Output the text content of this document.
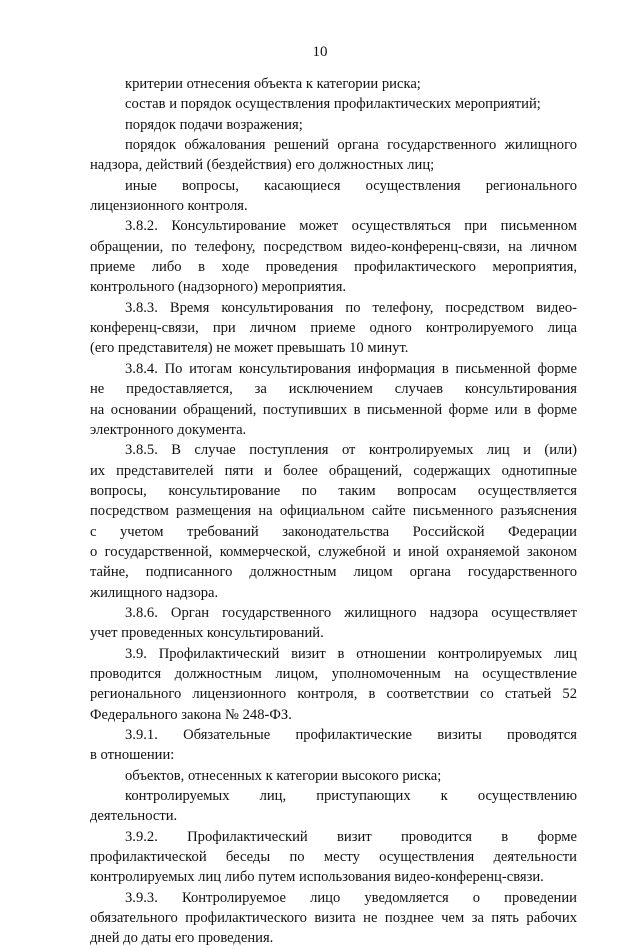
10
критерии отнесения объекта к категории риска;
состав и порядок осуществления профилактических мероприятий;
порядок подачи возражения;
порядок обжалования решений органа государственного жилищного
надзора, действий (бездействия) его должностных лиц;
иные вопросы, касающиеся осуществления регионального
лицензионного контроля.
3.8.2. Консультирование может осуществляться при письменном
обращении, по телефону, посредством видео-конференц-связи, на личном
приеме либо в ходе проведения профилактического мероприятия,
контрольного (надзорного) мероприятия.
3.8.3. Время консультирования по телефону, посредством видео-
конференц-связи, при личном приеме одного контролируемого лица
(его представителя) не может превышать 10 минут.
3.8.4. По итогам консультирования информация в письменной форме
не предоставляется, за исключением случаев консультирования
на основании обращений, поступивших в письменной форме или в форме
электронного документа.
3.8.5. В случае поступления от контролируемых лиц и (или)
их представителей пяти и более обращений, содержащих однотипные
вопросы, консультирование по таким вопросам осуществляется
посредством размещения на официальном сайте письменного разъяснения
с учетом требований законодательства Российской Федерации
о государственной, коммерческой, служебной и иной охраняемой законом
тайне, подписанного должностным лицом органа государственного
жилищного надзора.
3.8.6. Орган государственного жилищного надзора осуществляет
учет проведенных консультирований.
3.9. Профилактический визит в отношении контролируемых лиц
проводится должностным лицом, уполномоченным на осуществление
регионального лицензионного контроля, в соответствии со статьей 52
Федерального закона № 248-ФЗ.
3.9.1. Обязательные профилактические визиты проводятся
в отношении:
объектов, отнесенных к категории высокого риска;
контролируемых лиц, приступающих к осуществлению
деятельности.
3.9.2. Профилактический визит проводится в форме
профилактической беседы по месту осуществления деятельности
контролируемых лиц либо путем использования видео-конференц-связи.
3.9.3. Контролируемое лицо уведомляется о проведении
обязательного профилактического визита не позднее чем за пять рабочих
дней до даты его проведения.
